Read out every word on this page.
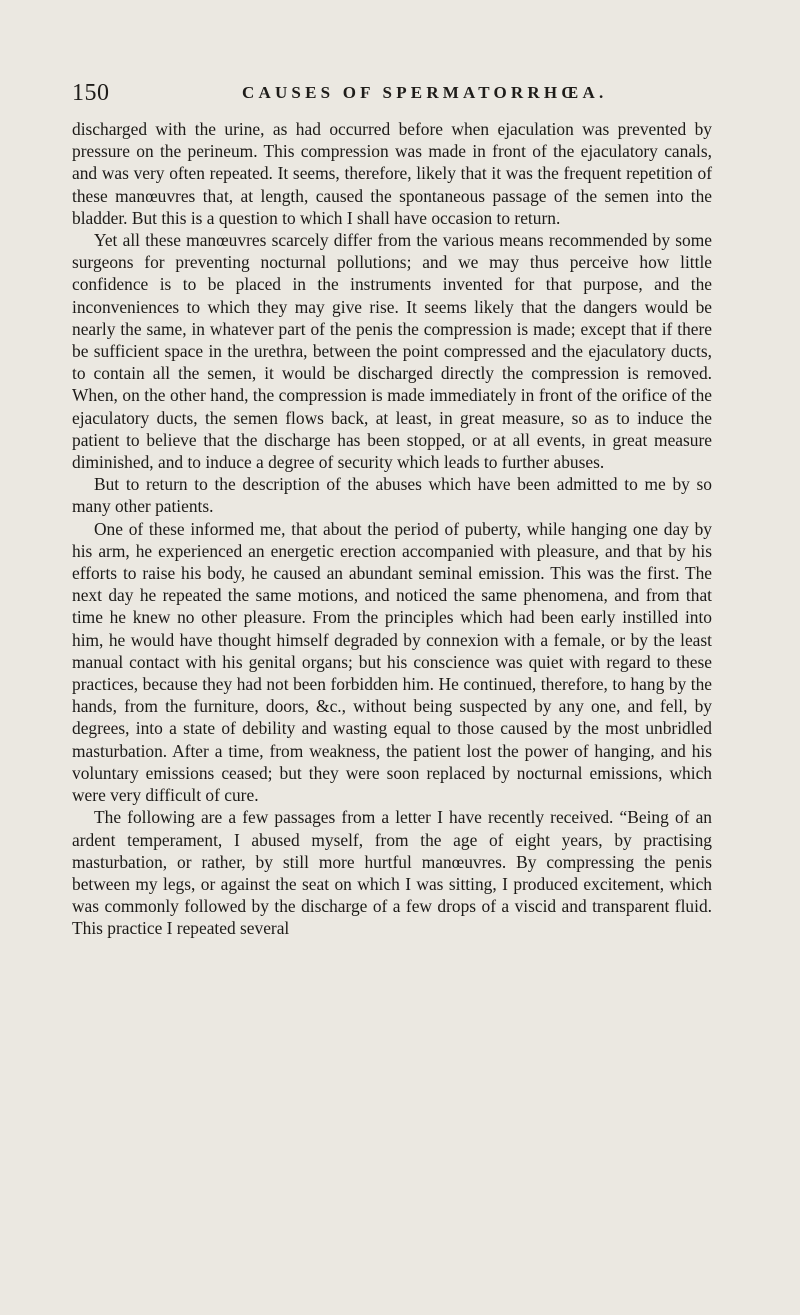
150	CAUSES OF SPERMATORRHŒA.

discharged with the urine, as had occurred before when ejaculation was prevented by pressure on the perineum. This compression was made in front of the ejaculatory canals, and was very often repeated. It seems, therefore, likely that it was the frequent repetition of these manœuvres that, at length, caused the spontaneous passage of the semen into the bladder. But this is a question to which I shall have occasion to return.

Yet all these manœuvres scarcely differ from the various means recommended by some surgeons for preventing nocturnal pollutions; and we may thus perceive how little confidence is to be placed in the instruments invented for that purpose, and the inconveniences to which they may give rise. It seems likely that the dangers would be nearly the same, in whatever part of the penis the compression is made; except that if there be sufficient space in the urethra, between the point compressed and the ejaculatory ducts, to contain all the semen, it would be discharged directly the compression is removed. When, on the other hand, the compression is made immediately in front of the orifice of the ejaculatory ducts, the semen flows back, at least, in great measure, so as to induce the patient to believe that the discharge has been stopped, or at all events, in great measure diminished, and to induce a degree of security which leads to further abuses.

But to return to the description of the abuses which have been admitted to me by so many other patients.

One of these informed me, that about the period of puberty, while hanging one day by his arm, he experienced an energetic erection accompanied with pleasure, and that by his efforts to raise his body, he caused an abundant seminal emission. This was the first. The next day he repeated the same motions, and noticed the same phenomena, and from that time he knew no other pleasure. From the principles which had been early instilled into him, he would have thought himself degraded by connexion with a female, or by the least manual contact with his genital organs; but his conscience was quiet with regard to these practices, because they had not been forbidden him. He continued, therefore, to hang by the hands, from the furniture, doors, &c., without being suspected by any one, and fell, by degrees, into a state of debility and wasting equal to those caused by the most unbridled masturbation. After a time, from weakness, the patient lost the power of hanging, and his voluntary emissions ceased; but they were soon replaced by nocturnal emissions, which were very difficult of cure.

The following are a few passages from a letter I have recently received. “Being of an ardent temperament, I abused myself, from the age of eight years, by practising masturbation, or rather, by still more hurtful manœuvres. By compressing the penis between my legs, or against the seat on which I was sitting, I produced excitement, which was commonly followed by the discharge of a few drops of a viscid and transparent fluid. This practice I repeated several
